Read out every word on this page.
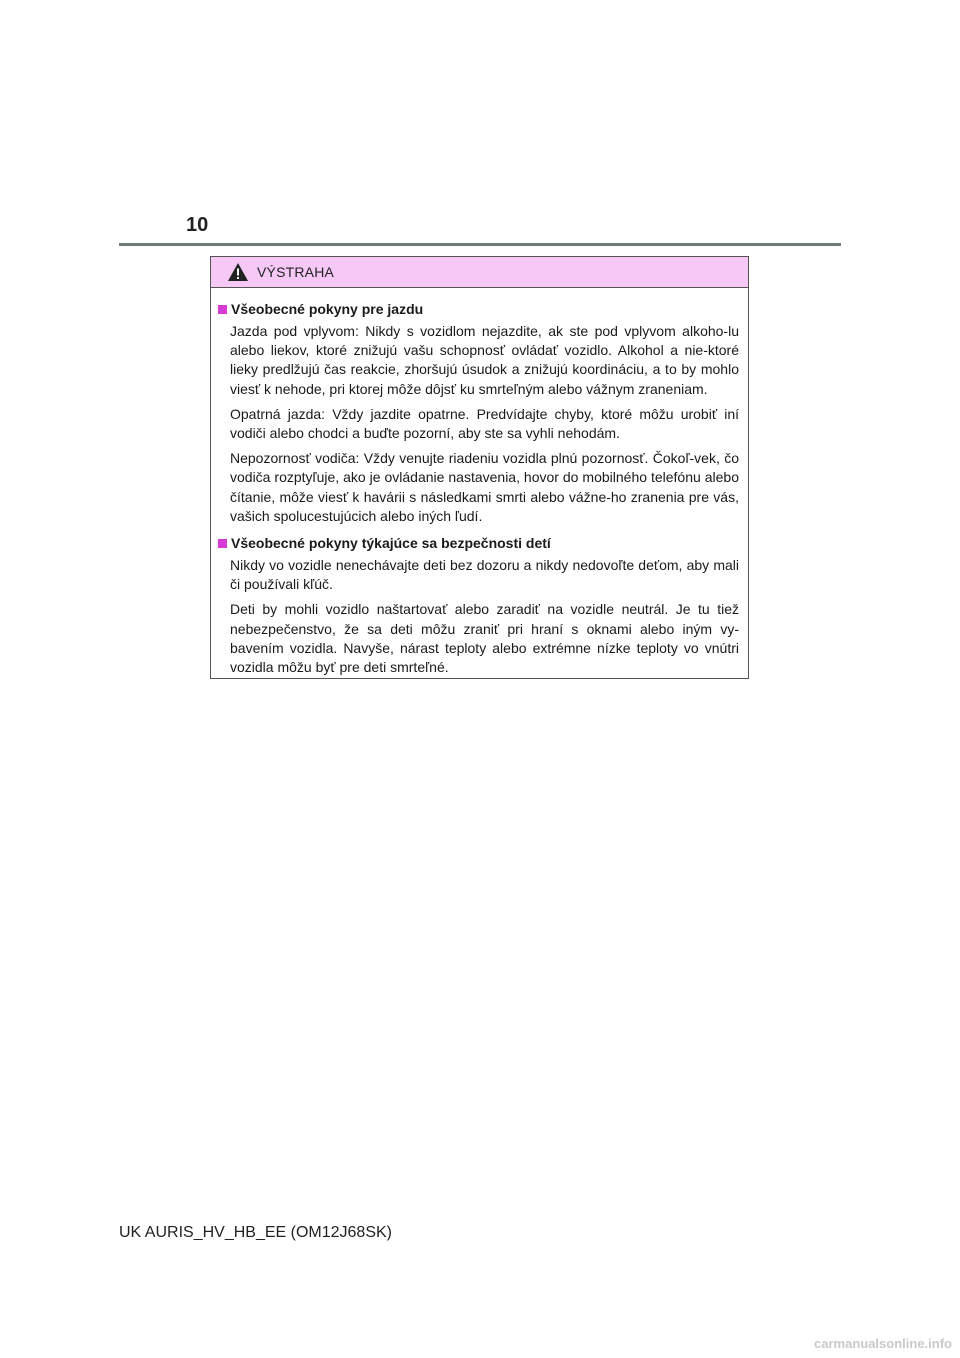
10
VÝSTRAHA
Všeobecné pokyny pre jazdu

Jazda pod vplyvom: Nikdy s vozidlom nejazdite, ak ste pod vplyvom alkoho-lu alebo liekov, ktoré znižujú vašu schopnosť ovládať vozidlo. Alkohol a nie-ktoré lieky predlžujú čas reakcie, zhoršujú úsudok a znižujú koordináciu, a to by mohlo viesť k nehode, pri ktorej môže dôjsť ku smrteľným alebo vážnym zraneniam.

Opatrná jazda: Vždy jazdite opatrne. Predvídajte chyby, ktoré môžu urobiť iní vodiči alebo chodci a buďte pozorní, aby ste sa vyhli nehodám.

Nepozornosť vodiča: Vždy venujte riadeniu vozidla plnú pozornosť. Čokoľ-vek, čo vodiča rozptyľuje, ako je ovládanie nastavenia, hovor do mobilného telefónu alebo čítanie, môže viesť k havárii s následkami smrti alebo vážne-ho zranenia pre vás, vašich spolucestujúcich alebo iných ľudí.

Všeobecné pokyny týkajúce sa bezpečnosti detí

Nikdy vo vozidle nenechávajte deti bez dozoru a nikdy nedovoľte deťom, aby mali či používali kľúč.

Deti by mohli vozidlo naštartovať alebo zaradiť na vozidle neutrál. Je tu tiež nebezpečenstvo, že sa deti môžu zraniť pri hraní s oknami alebo iným vy-bavením vozidla. Navyše, nárast teploty alebo extrémne nízke teploty vo vnútri vozidla môžu byť pre deti smrteľné.

UK AURIS_HV_HB_EE (OM12J68SK)
carmanualsonline.info
